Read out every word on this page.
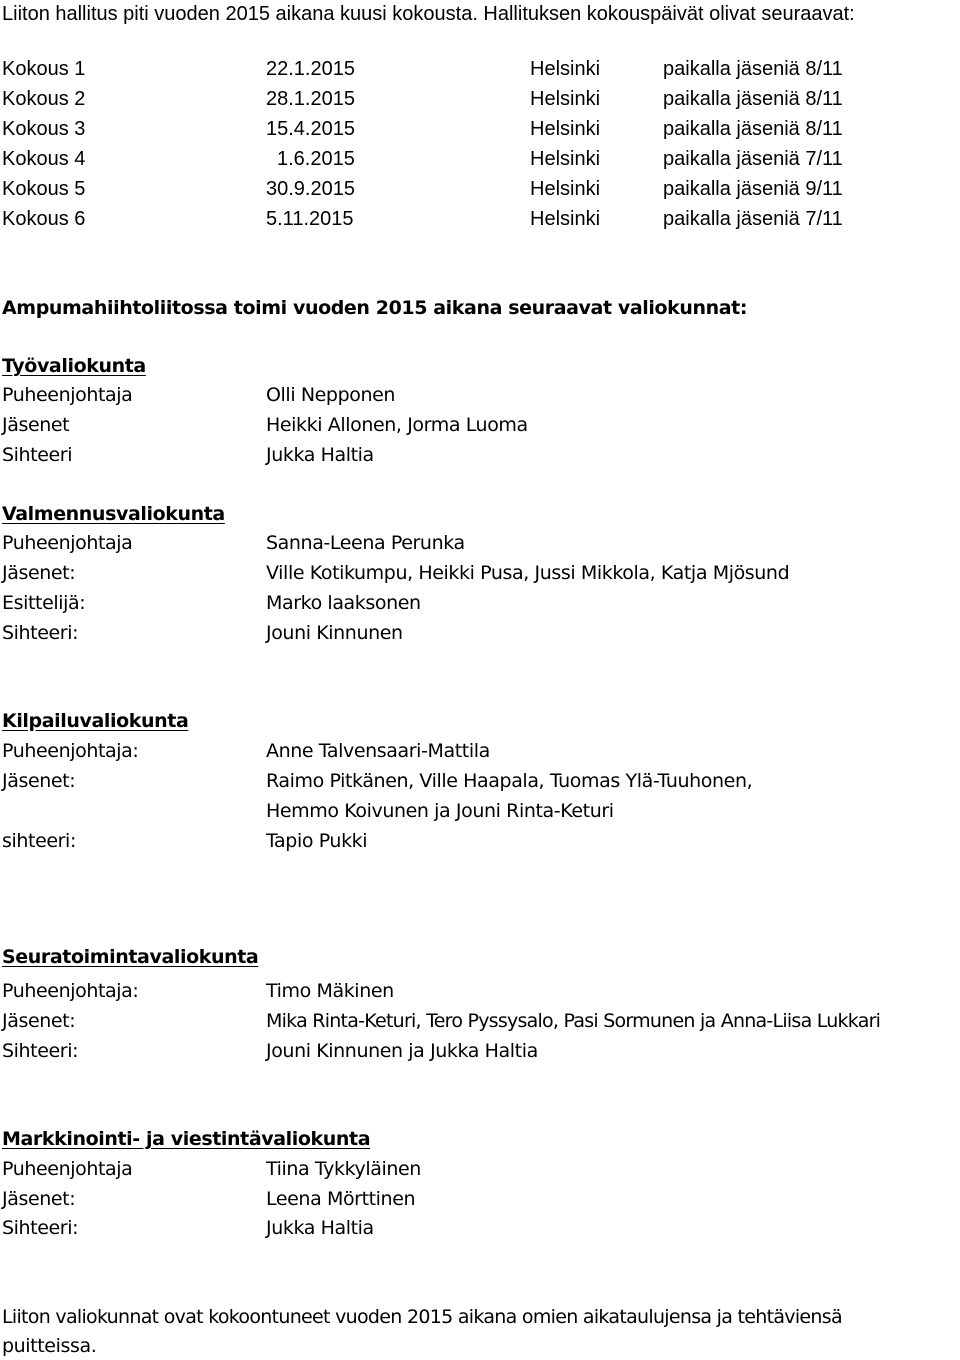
Liiton hallitus piti vuoden 2015 aikana kuusi kokousta. Hallituksen kokouspäivät olivat seuraavat:
Kokous 1	22.1.2015	Helsinki	paikalla jäseniä 8/11
Kokous 2	28.1.2015	Helsinki	paikalla jäseniä 8/11
Kokous 3	15.4.2015	Helsinki	paikalla jäseniä 8/11
Kokous 4	1.6.2015	Helsinki	paikalla jäseniä 7/11
Kokous 5	30.9.2015	Helsinki	paikalla jäseniä 9/11
Kokous 6	5.11.2015	Helsinki	paikalla jäseniä 7/11
Ampumahiihtoliitossa toimi vuoden 2015 aikana seuraavat valiokunnat:
Työvaliokunta
Puheenjohtaja	Olli Nepponen
Jäsenet	Heikki Allonen, Jorma Luoma
Sihteeri	Jukka Haltia
Valmennusvaliokunta
Puheenjohtaja	Sanna-Leena Perunka
Jäsenet:	Ville Kotikumpu, Heikki Pusa, Jussi Mikkola, Katja Mjösund
Esittelijä:	Marko laaksonen
Sihteeri:	Jouni Kinnunen
Kilpailuvaliokunta
Puheenjohtaja:	Anne Talvensaari-Mattila
Jäsenet:	Raimo Pitkänen, Ville Haapala, Tuomas Ylä-Tuuhonen,
Hemmo Koivunen ja Jouni Rinta-Keturi
sihteeri:	Tapio Pukki
Seuratoimintavaliokunta
Puheenjohtaja:	Timo Mäkinen
Jäsenet:	Mika Rinta-Keturi, Tero Pyssysalo, Pasi Sormunen ja Anna-Liisa Lukkari
Sihteeri:	Jouni Kinnunen ja Jukka Haltia
Markkinointi- ja viestintävaliokunta
Puheenjohtaja	Tiina Tykkyläinen
Jäsenet:	Leena Mörttinen
Sihteeri:	Jukka Haltia
Liiton valiokunnat ovat kokoontuneet vuoden 2015 aikana omien aikataulujensa ja tehtäviensä
puitteissa.
